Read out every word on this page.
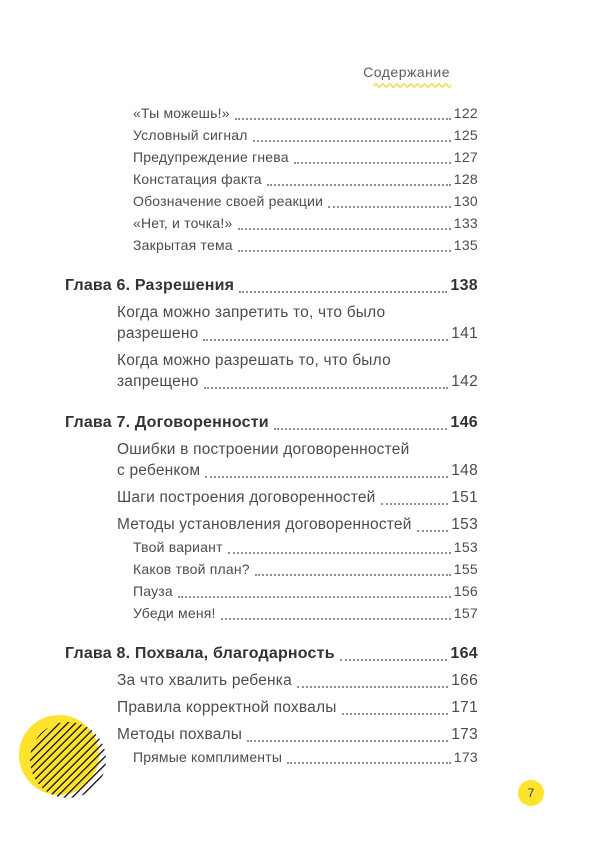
Содержание
«Ты можешь!»	122
Условный сигнал	125
Предупреждение гнева	127
Констатация факта	128
Обозначение своей реакции	130
«Нет, и точка!»	133
Закрытая тема	135
Глава 6. Разрешения	138
Когда можно запретить то, что было
разрешено	141
Когда можно разрешать то, что было
запрещено	142
Глава 7. Договоренности	146
Ошибки в построении договоренностей
с ребенком	148
Шаги построения договоренностей	151
Методы установления договоренностей	153
Твой вариант	153
Каков твой план?	155
Пауза	156
Убеди меня!	157
Глава 8. Похвала, благодарность	164
За что хвалить ребенка	166
Правила корректной похвалы	171
Методы похвалы	173
Прямые комплименты	173
7
